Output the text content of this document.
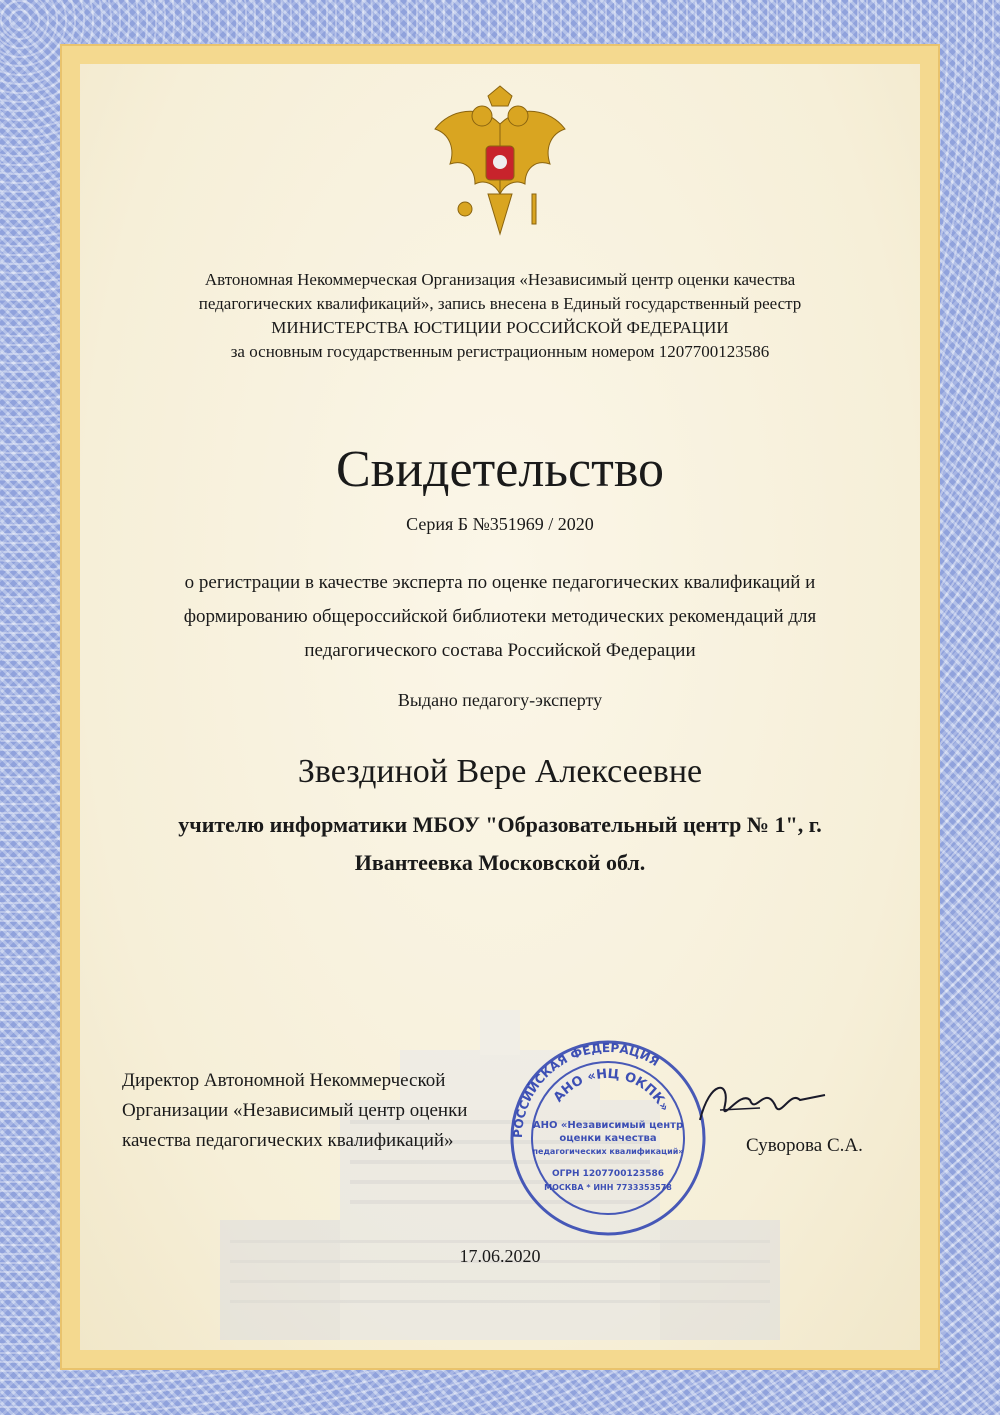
Автономная Некоммерческая Организация «Независимый центр оценки качества
педагогических квалификаций», запись внесена в Единый государственный реестр
МИНИСТЕРСТВА ЮСТИЦИИ РОССИЙСКОЙ ФЕДЕРАЦИИ
за основным государственным регистрационным номером 1207700123586
Свидетельство
Серия Б №351969 / 2020
о регистрации в качестве эксперта по оценке педагогических квалификаций и
формированию общероссийской библиотеки методических рекомендаций для
педагогического состава Российской Федерации
Выдано педагогу-эксперту
Звездиной Вере Алексеевне
учителю информатики МБОУ "Образовательный центр № 1", г.
Ивантеевка Московской обл.
Директор Автономной Некоммерческой
Организации «Независимый центр оценки
качества педагогических квалификаций»	РОССИЙСКАЯ ФЕДЕРАЦИЯ
АНО «НЦ ОКПК»
АНО «Независимый центр
оценки качества
педагогических квалификаций»
ОГРН 1207700123586
МОСКВА * ИНН 7733353578
Суворова С.А.
17.06.2020
